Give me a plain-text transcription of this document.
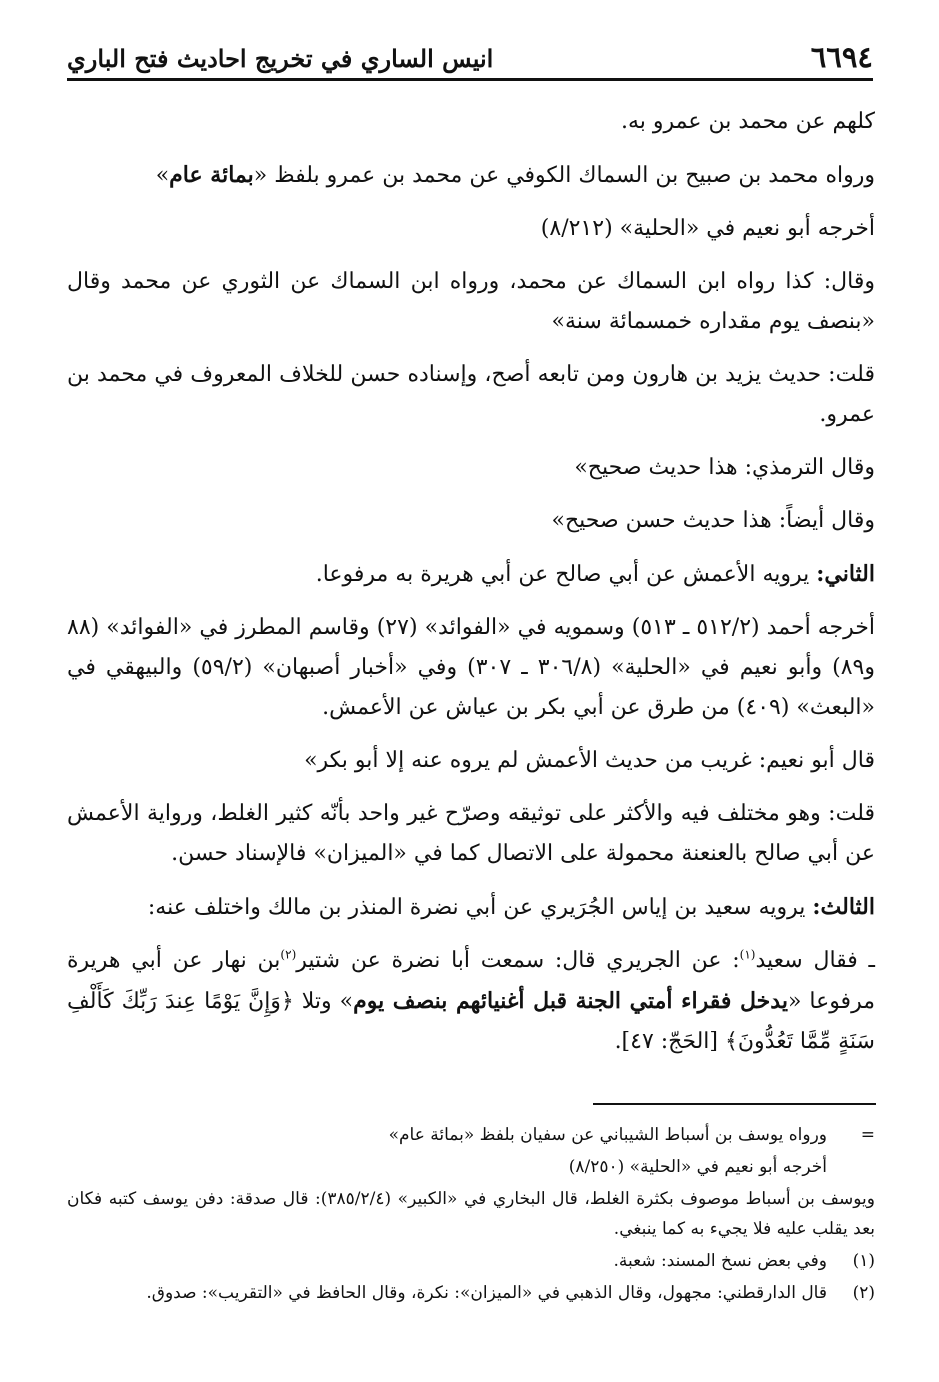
٦٦٩٤
انيس الساري في تخريج احاديث فتح الباري

كلهم عن محمد بن عمرو به.

ورواه محمد بن صبيح بن السماك الكوفي عن محمد بن عمرو بلفظ «بمائة عام»

أخرجه أبو نعيم في «الحلية» (٨/٢١٢)

وقال: كذا رواه ابن السماك عن محمد، ورواه ابن السماك عن الثوري عن محمد وقال «بنصف يوم مقداره خمسمائة سنة»

قلت: حديث يزيد بن هارون ومن تابعه أصح، وإسناده حسن للخلاف المعروف في محمد بن عمرو.

وقال الترمذي: هذا حديث صحيح»

وقال أيضاً: هذا حديث حسن صحيح»

الثاني: يرويه الأعمش عن أبي صالح عن أبي هريرة به مرفوعا.

أخرجه أحمد (٥١٢/٢ ـ ٥١٣) وسمويه في «الفوائد» (٢٧) وقاسم المطرز في «الفوائد» (٨٨ و٨٩) وأبو نعيم في «الحلية» (٣٠٦/٨ ـ ٣٠٧) وفي «أخبار أصبهان» (٥٩/٢) والبيهقي في «البعث» (٤٠٩) من طرق عن أبي بكر بن عياش عن الأعمش.

قال أبو نعيم: غريب من حديث الأعمش لم يروه عنه إلا أبو بكر»

قلت: وهو مختلف فيه والأكثر على توثيقه وصرّح غير واحد بأنّه كثير الغلط، ورواية الأعمش عن أبي صالح بالعنعنة محمولة على الاتصال كما في «الميزان» فالإسناد حسن.

الثالث: يرويه سعيد بن إياس الجُرَيري عن أبي نضرة المنذر بن مالك واختلف عنه:

ـ فقال سعيد$^{(١)}$: عن الجريري قال: سمعت أبا نضرة عن شتير$^{(٢)}$بن نهار عن أبي هريرة مرفوعا «يدخل فقراء أمتي الجنة قبل أغنيائهم بنصف يوم» وتلا ﴿وَإِنَّ يَوْمًا عِندَ رَبِّكَ كَأَلْفِ سَنَةٍ مِّمَّا تَعُدُّونَ﴾ [الحَجّ: ٤٧].

=ورواه يوسف بن أسباط الشيباني عن سفيان بلفظ «بمائة عام»

أخرجه أبو نعيم في «الحلية» (٨/٢٥٠)

ويوسف بن أسباط موصوف بكثرة الغلط، قال البخاري في «الكبير» (٣٨٥/٢/٤): قال صدقة: دفن يوسف كتبه فكان بعد يقلب عليه فلا يجيء به كما ينبغي.

(١)وفي بعض نسخ المسند: شعبة.

(٢)قال الدارقطني: مجهول، وقال الذهبي في «الميزان»: نكرة، وقال الحافظ في «التقريب»: صدوق.
